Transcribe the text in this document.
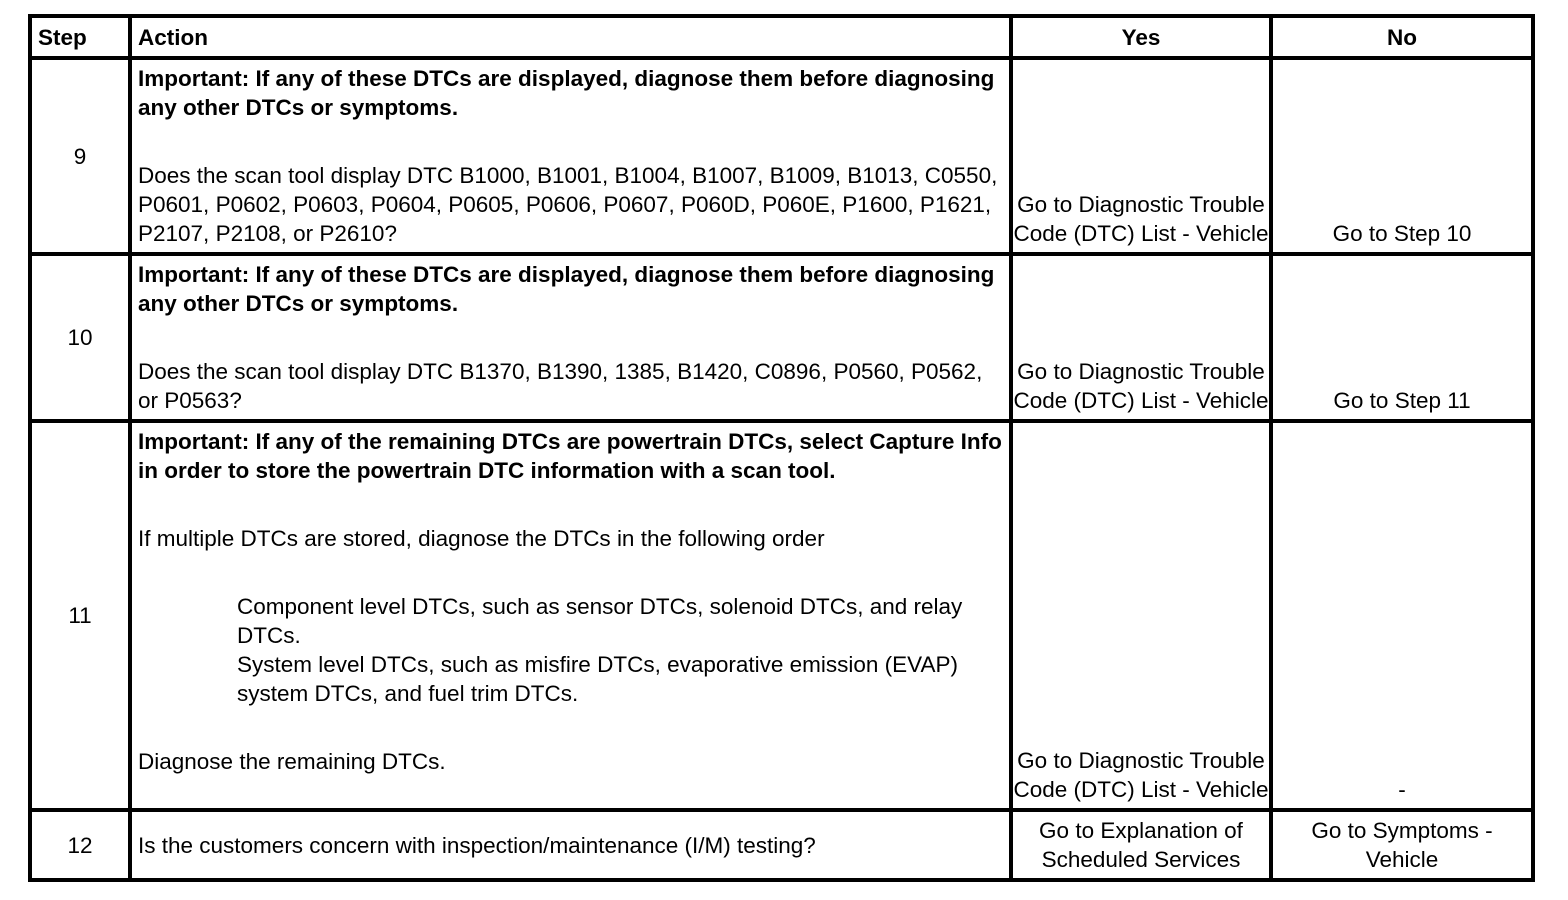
Step	Action	Yes	No
9	Important: If any of these DTCs are displayed, diagnose them before diagnosing any other DTCs or symptoms.
Does the scan tool display DTC B1000, B1001, B1004, B1007, B1009, B1013, C0550, P0601, P0602, P0603, P0604, P0605, P0606, P0607, P060D, P060E, P1600, P1621, P2107, P2108, or P2610?	Go to Diagnostic Trouble Code (DTC) List - Vehicle	Go to Step 10
10	Important: If any of these DTCs are displayed, diagnose them before diagnosing any other DTCs or symptoms.
Does the scan tool display DTC B1370, B1390, 1385, B1420, C0896, P0560, P0562, or P0563?	Go to Diagnostic Trouble Code (DTC) List - Vehicle	Go to Step 11
11	Important: If any of the remaining DTCs are powertrain DTCs, select Capture Info in order to store the powertrain DTC information with a scan tool.
If multiple DTCs are stored, diagnose the DTCs in the following order
Component level DTCs, such as sensor DTCs, solenoid DTCs, and relay DTCs.
System level DTCs, such as misfire DTCs, evaporative emission (EVAP) system DTCs, and fuel trim DTCs.
Diagnose the remaining DTCs.	Go to Diagnostic Trouble Code (DTC) List - Vehicle	-
12	Is the customers concern with inspection/maintenance (I/M) testing?	Go to Explanation of Scheduled Services	Go to Symptoms - Vehicle
